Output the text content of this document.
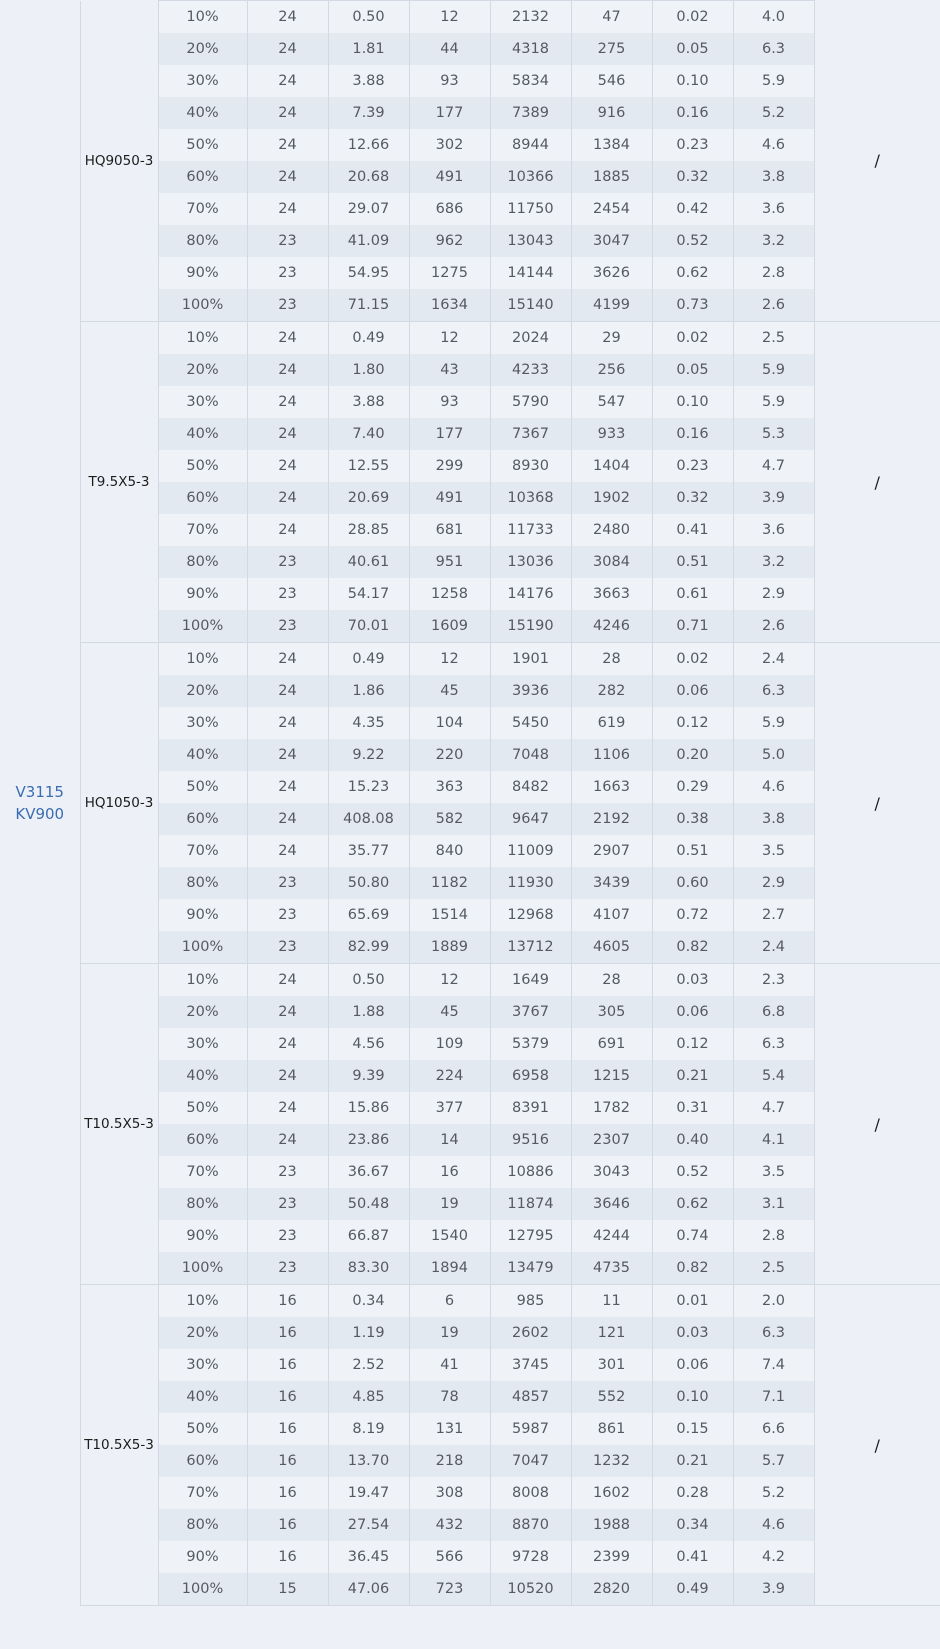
V3115
KV900	HQ9050-3	10%	24	0.50	12	2132	47	0.02	4.0	/
		20%	24	1.81	44	4318	275	0.05	6.3	
		30%	24	3.88	93	5834	546	0.10	5.9	
		40%	24	7.39	177	7389	916	0.16	5.2	
		50%	24	12.66	302	8944	1384	0.23	4.6	
		60%	24	20.68	491	10366	1885	0.32	3.8	
		70%	24	29.07	686	11750	2454	0.42	3.6	
		80%	23	41.09	962	13043	3047	0.52	3.2	
		90%	23	54.95	1275	14144	3626	0.62	2.8	
		100%	23	71.15	1634	15140	4199	0.73	2.6	
	T9.5X5-3	10%	24	0.49	12	2024	29	0.02	2.5	/
		20%	24	1.80	43	4233	256	0.05	5.9	
		30%	24	3.88	93	5790	547	0.10	5.9	
		40%	24	7.40	177	7367	933	0.16	5.3	
		50%	24	12.55	299	8930	1404	0.23	4.7	
		60%	24	20.69	491	10368	1902	0.32	3.9	
		70%	24	28.85	681	11733	2480	0.41	3.6	
		80%	23	40.61	951	13036	3084	0.51	3.2	
		90%	23	54.17	1258	14176	3663	0.61	2.9	
		100%	23	70.01	1609	15190	4246	0.71	2.6	
	HQ1050-3	10%	24	0.49	12	1901	28	0.02	2.4	/
		20%	24	1.86	45	3936	282	0.06	6.3	
		30%	24	4.35	104	5450	619	0.12	5.9	
		40%	24	9.22	220	7048	1106	0.20	5.0	
		50%	24	15.23	363	8482	1663	0.29	4.6	
		60%	24	408.08	582	9647	2192	0.38	3.8	
		70%	24	35.77	840	11009	2907	0.51	3.5	
		80%	23	50.80	1182	11930	3439	0.60	2.9	
		90%	23	65.69	1514	12968	4107	0.72	2.7	
		100%	23	82.99	1889	13712	4605	0.82	2.4	
	T10.5X5-3	10%	24	0.50	12	1649	28	0.03	2.3	/
		20%	24	1.88	45	3767	305	0.06	6.8	
		30%	24	4.56	109	5379	691	0.12	6.3	
		40%	24	9.39	224	6958	1215	0.21	5.4	
		50%	24	15.86	377	8391	1782	0.31	4.7	
		60%	24	23.86	14	9516	2307	0.40	4.1	
		70%	23	36.67	16	10886	3043	0.52	3.5	
		80%	23	50.48	19	11874	3646	0.62	3.1	
		90%	23	66.87	1540	12795	4244	0.74	2.8	
		100%	23	83.30	1894	13479	4735	0.82	2.5	
	T10.5X5-3	10%	16	0.34	6	985	11	0.01	2.0	/
		20%	16	1.19	19	2602	121	0.03	6.3	
		30%	16	2.52	41	3745	301	0.06	7.4	
		40%	16	4.85	78	4857	552	0.10	7.1	
		50%	16	8.19	131	5987	861	0.15	6.6	
		60%	16	13.70	218	7047	1232	0.21	5.7	
		70%	16	19.47	308	8008	1602	0.28	5.2	
		80%	16	27.54	432	8870	1988	0.34	4.6	
		90%	16	36.45	566	9728	2399	0.41	4.2	
		100%	15	47.06	723	10520	2820	0.49	3.9	
